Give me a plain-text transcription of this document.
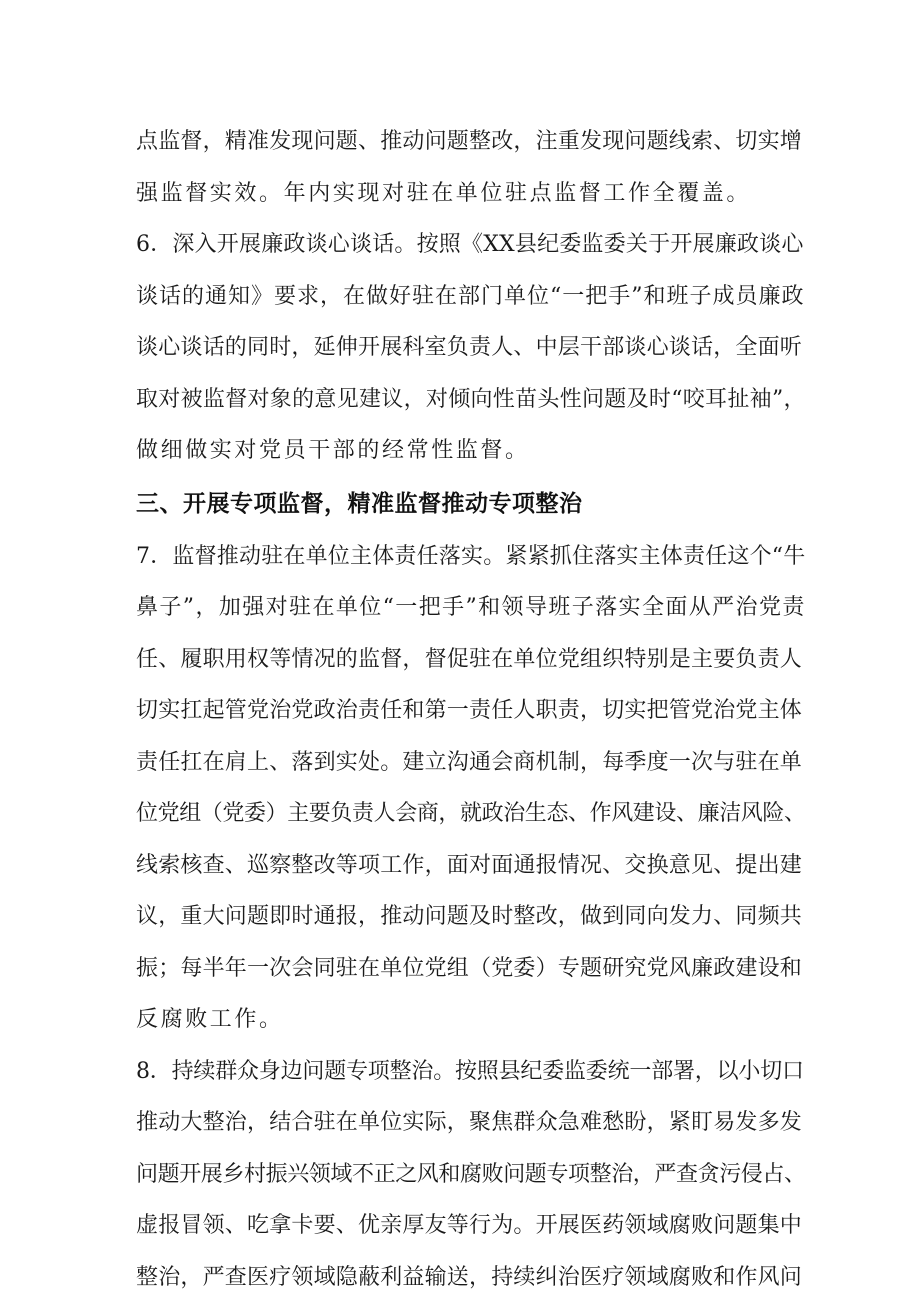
点监督，精准发现问题、推动问题整改，注重发现问题线索、切实增
强监督实效。年内实现对驻在单位驻点监督工作全覆盖。
6．深入开展廉政谈心谈话。按照《XX县纪委监委关于开展廉政谈心
谈话的通知》要求，在做好驻在部门单位“一把手”和班子成员廉政
谈心谈话的同时，延伸开展科室负责人、中层干部谈心谈话，全面听
取对被监督对象的意见建议，对倾向性苗头性问题及时“咬耳扯袖”，
做细做实对党员干部的经常性监督。
三、开展专项监督，精准监督推动专项整治
7．监督推动驻在单位主体责任落实。紧紧抓住落实主体责任这个“牛
鼻子”，加强对驻在单位“一把手”和领导班子落实全面从严治党责
任、履职用权等情况的监督，督促驻在单位党组织特别是主要负责人
切实扛起管党治党政治责任和第一责任人职责，切实把管党治党主体
责任扛在肩上、落到实处。建立沟通会商机制，每季度一次与驻在单
位党组（党委）主要负责人会商，就政治生态、作风建设、廉洁风险、
线索核查、巡察整改等项工作，面对面通报情况、交换意见、提出建
议，重大问题即时通报，推动问题及时整改，做到同向发力、同频共
振；每半年一次会同驻在单位党组（党委）专题研究党风廉政建设和
反腐败工作。
8．持续群众身边问题专项整治。按照县纪委监委统一部署，以小切口
推动大整治，结合驻在单位实际，聚焦群众急难愁盼，紧盯易发多发
问题开展乡村振兴领域不正之风和腐败问题专项整治，严查贪污侵占、
虚报冒领、吃拿卡要、优亲厚友等行为。开展医药领域腐败问题集中
整治，严查医疗领域隐蔽利益输送，持续纠治医疗领域腐败和作风问
